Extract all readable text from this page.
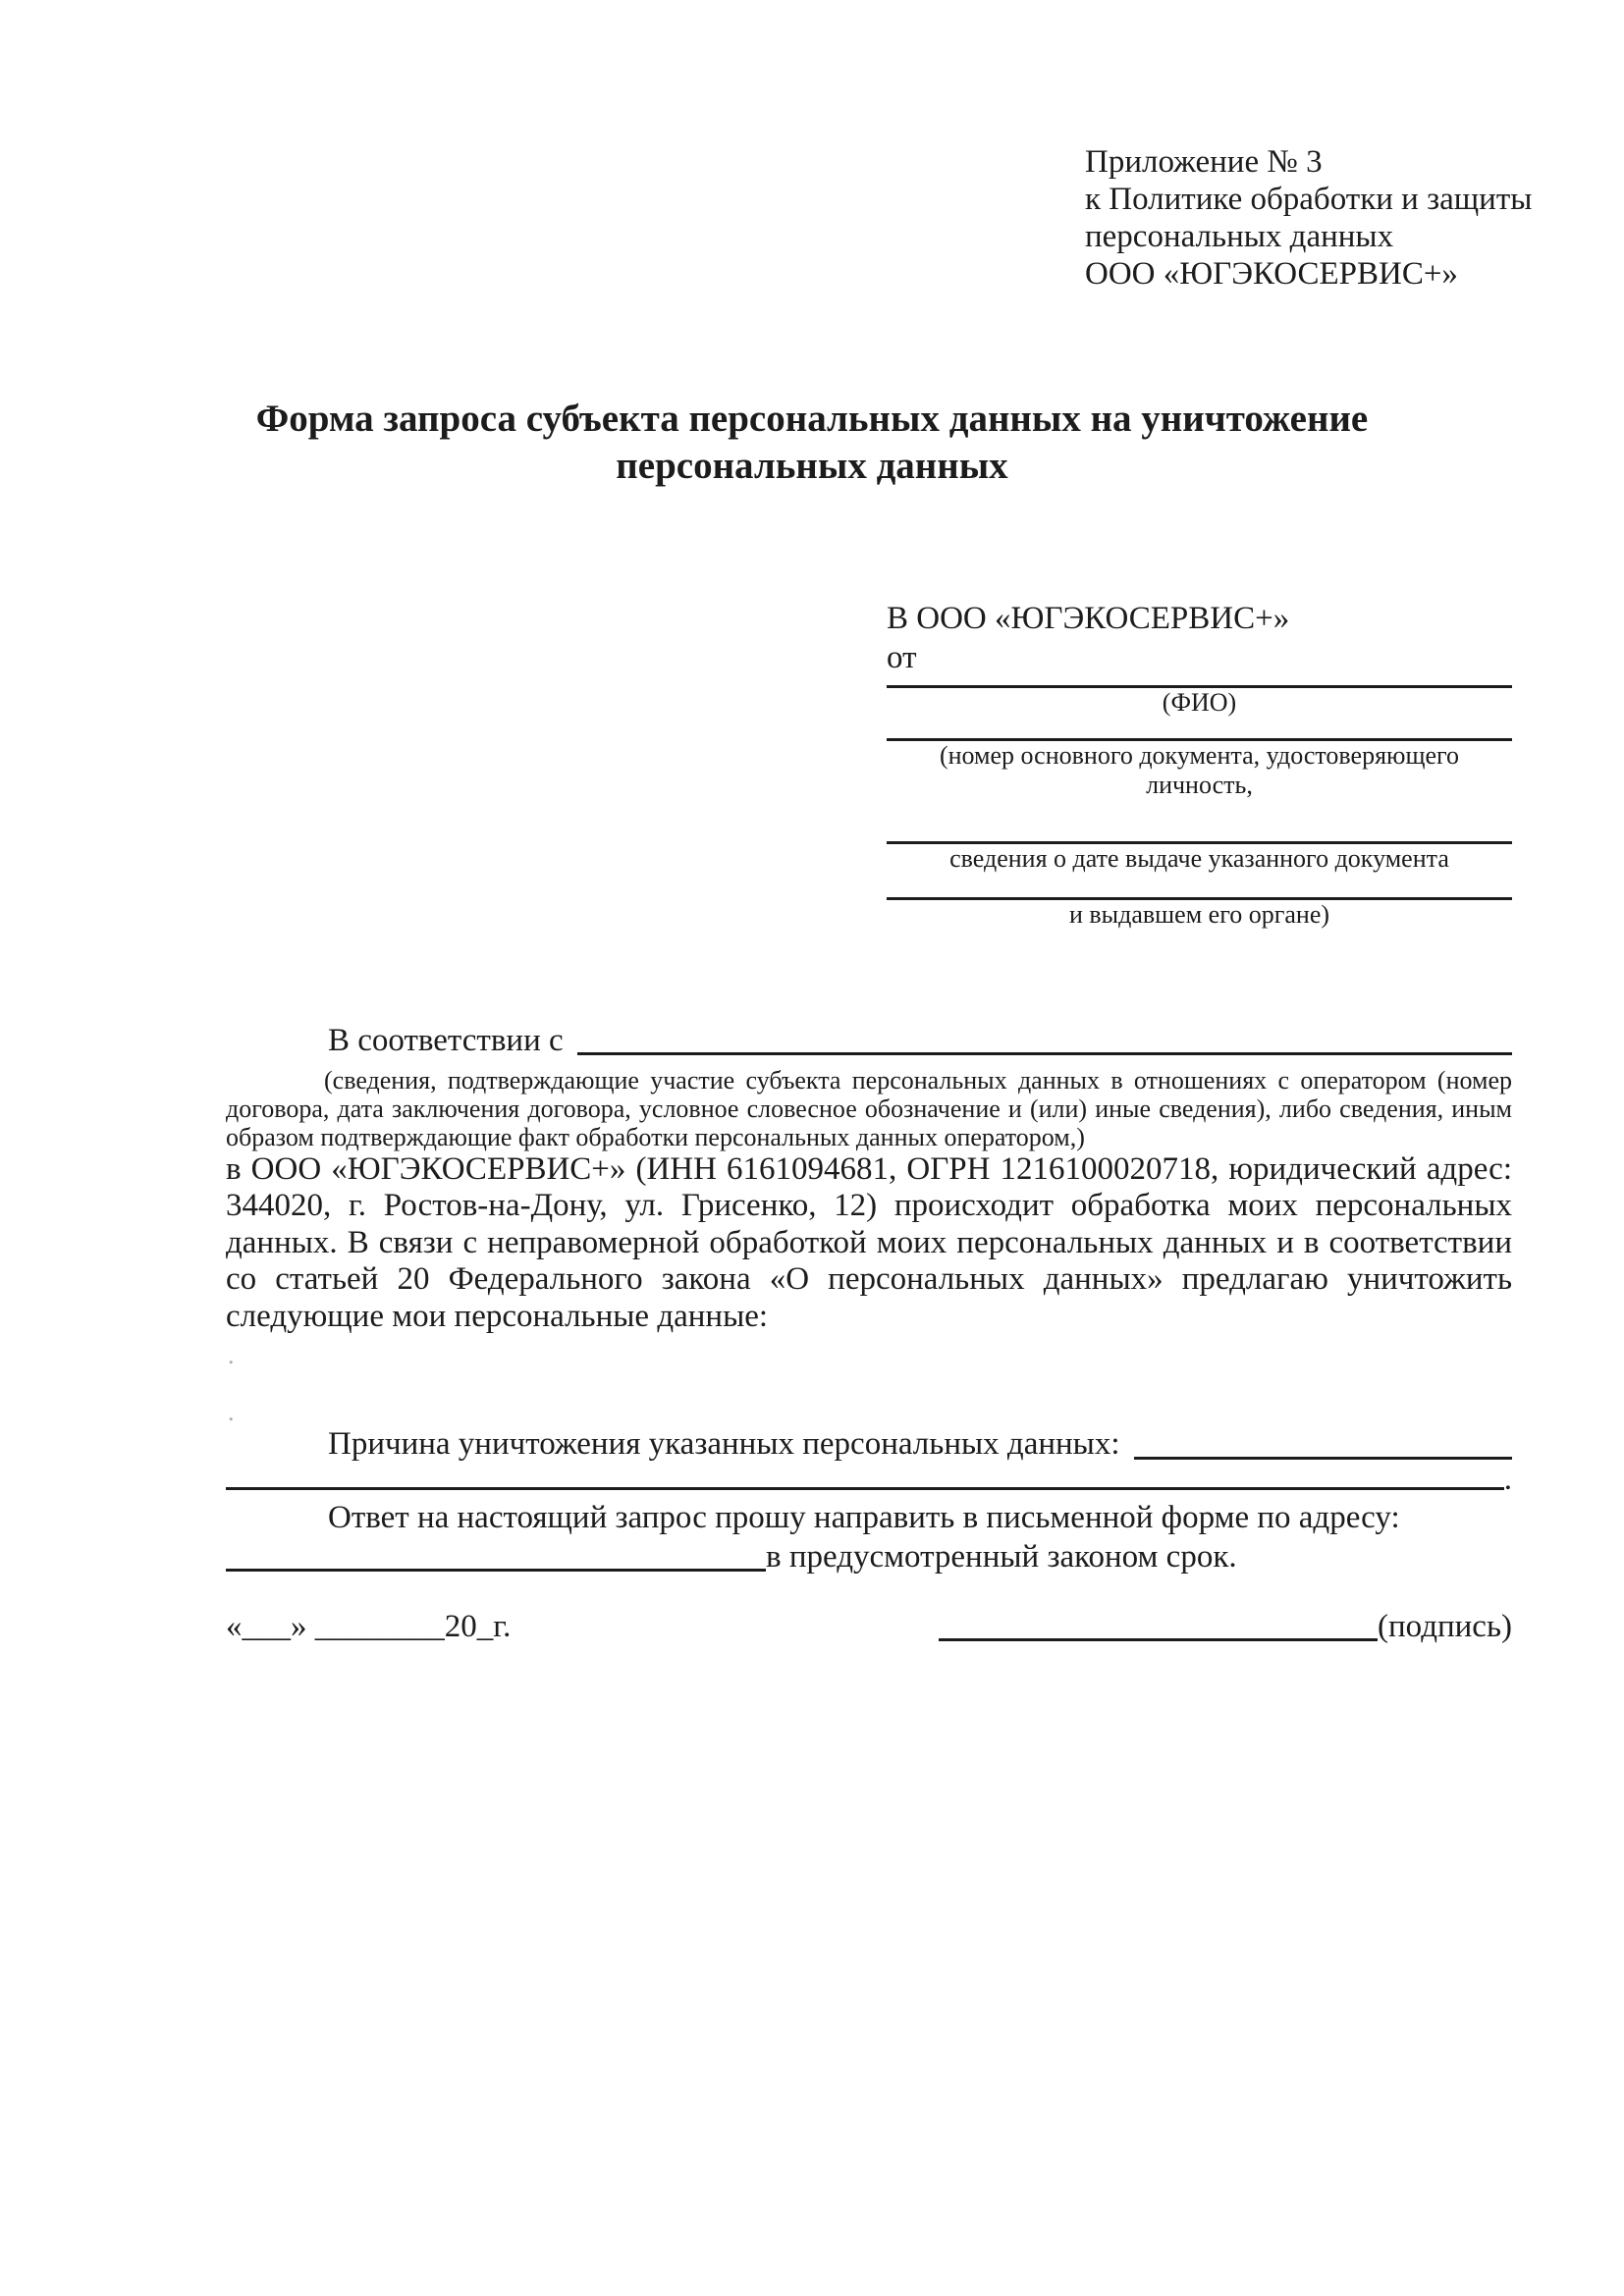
Приложение № 3
к Политике обработки и защиты
персональных данных
ООО «ЮГЭКОСЕРВИС+»
Форма запроса субъекта персональных данных на уничтожение
персональных данных
В ООО «ЮГЭКОСЕРВИС+»
от
(ФИО)
(номер основного документа, удостоверяющего личность,
сведения о дате выдаче указанного документа
и выдавшем его органе)
В соответствии с
(сведения, подтверждающие участие субъекта персональных данных в отношениях с оператором (номер договора, дата заключения договора, условное словесное обозначение и (или) иные сведения), либо сведения, иным образом подтверждающие факт обработки персональных данных оператором,)
в ООО «ЮГЭКОСЕРВИС+» (ИНН 6161094681, ОГРН 1216100020718, юридический адрес: 344020, г. Ростов-на-Дону, ул. Грисенко, 12) происходит обработка моих персональных данных. В связи с неправомерной обработкой моих персональных данных и в соответствии со статьей 20 Федерального закона «О персональных данных» предлагаю уничтожить следующие мои персональные данные:
.
.
Причина уничтожения указанных персональных данных:
.
Ответ на настоящий запрос прошу направить в письменной форме по адресу:
в предусмотренный законом срок.
«___» ________20_г.	(подпись)
